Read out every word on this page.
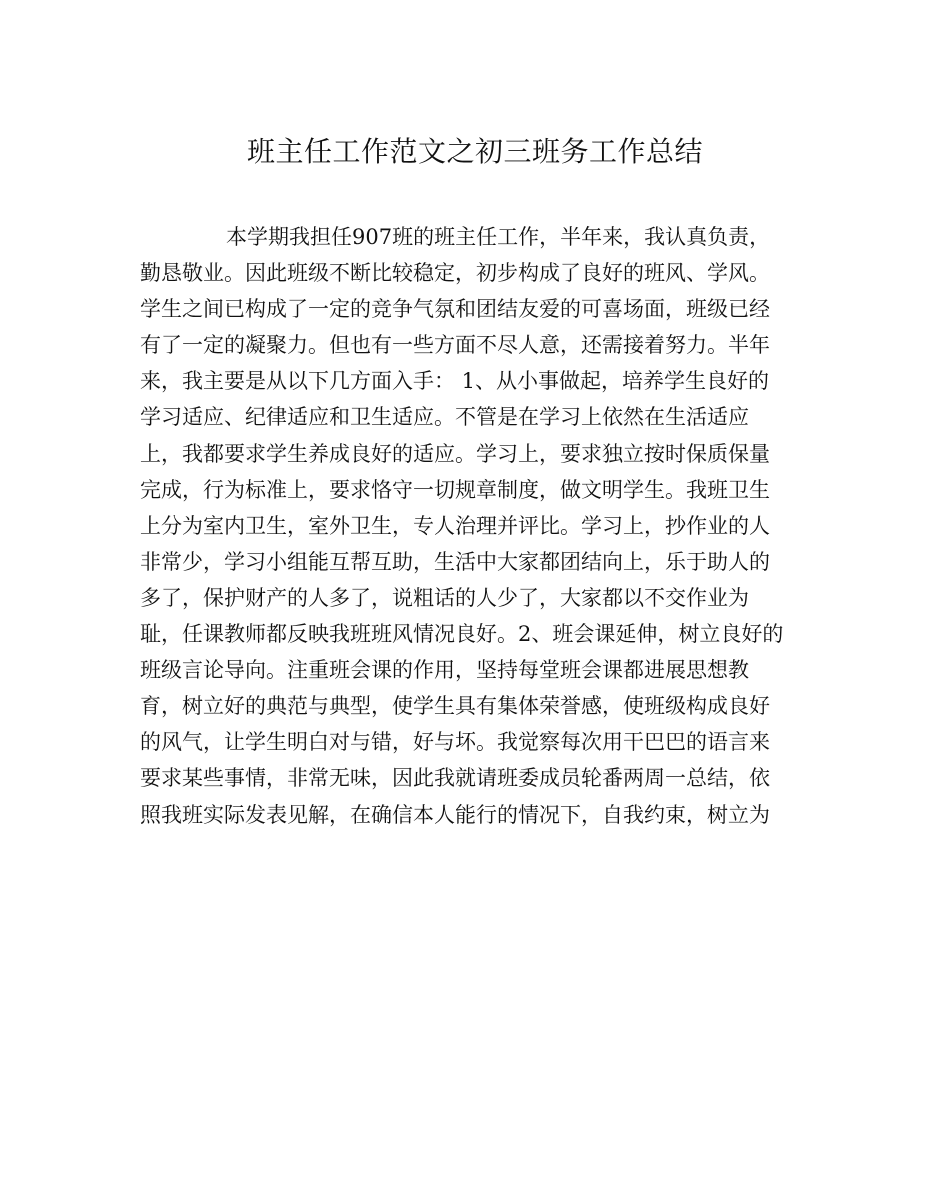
班主任工作范文之初三班务工作总结
本学期我担任907班的班主任工作，半年来，我认真负责，
勤恳敬业。因此班级不断比较稳定，初步构成了良好的班风、学风。
学生之间已构成了一定的竞争气氛和团结友爱的可喜场面，班级已经
有了一定的凝聚力。但也有一些方面不尽人意，还需接着努力。半年
来，我主要是从以下几方面入手： 1、从小事做起，培养学生良好的
学习适应、纪律适应和卫生适应。不管是在学习上依然在生活适应
上，我都要求学生养成良好的适应。学习上，要求独立按时保质保量
完成，行为标准上，要求恪守一切规章制度，做文明学生。我班卫生
上分为室内卫生，室外卫生，专人治理并评比。学习上，抄作业的人
非常少，学习小组能互帮互助，生活中大家都团结向上，乐于助人的
多了，保护财产的人多了，说粗话的人少了，大家都以不交作业为
耻，任课教师都反映我班班风情况良好。2、班会课延伸，树立良好的
班级言论导向。注重班会课的作用，坚持每堂班会课都进展思想教
育，树立好的典范与典型，使学生具有集体荣誉感，使班级构成良好
的风气，让学生明白对与错，好与坏。我觉察每次用干巴巴的语言来
要求某些事情，非常无味，因此我就请班委成员轮番两周一总结，依
照我班实际发表见解，在确信本人能行的情况下，自我约束，树立为
